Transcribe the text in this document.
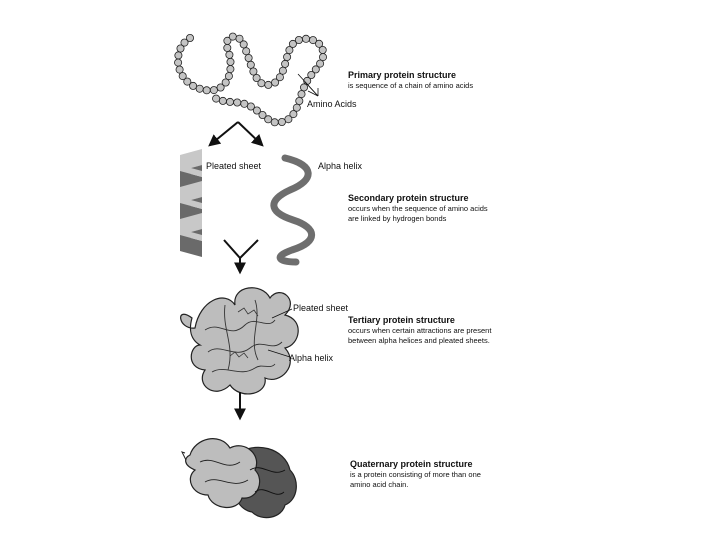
Primary protein structure
is sequence of a chain of amino acids
Amino Acids
Pleated sheet	Alpha helix
Secondary protein structure
occurs when the sequence of amino acids
are linked by hydrogen bonds
Pleated sheet
Tertiary protein structure
occurs when certain attractions are present
between alpha helices and pleated sheets.
Alpha helix
Quaternary protein structure
is a protein consisting of more than one
amino acid chain.
